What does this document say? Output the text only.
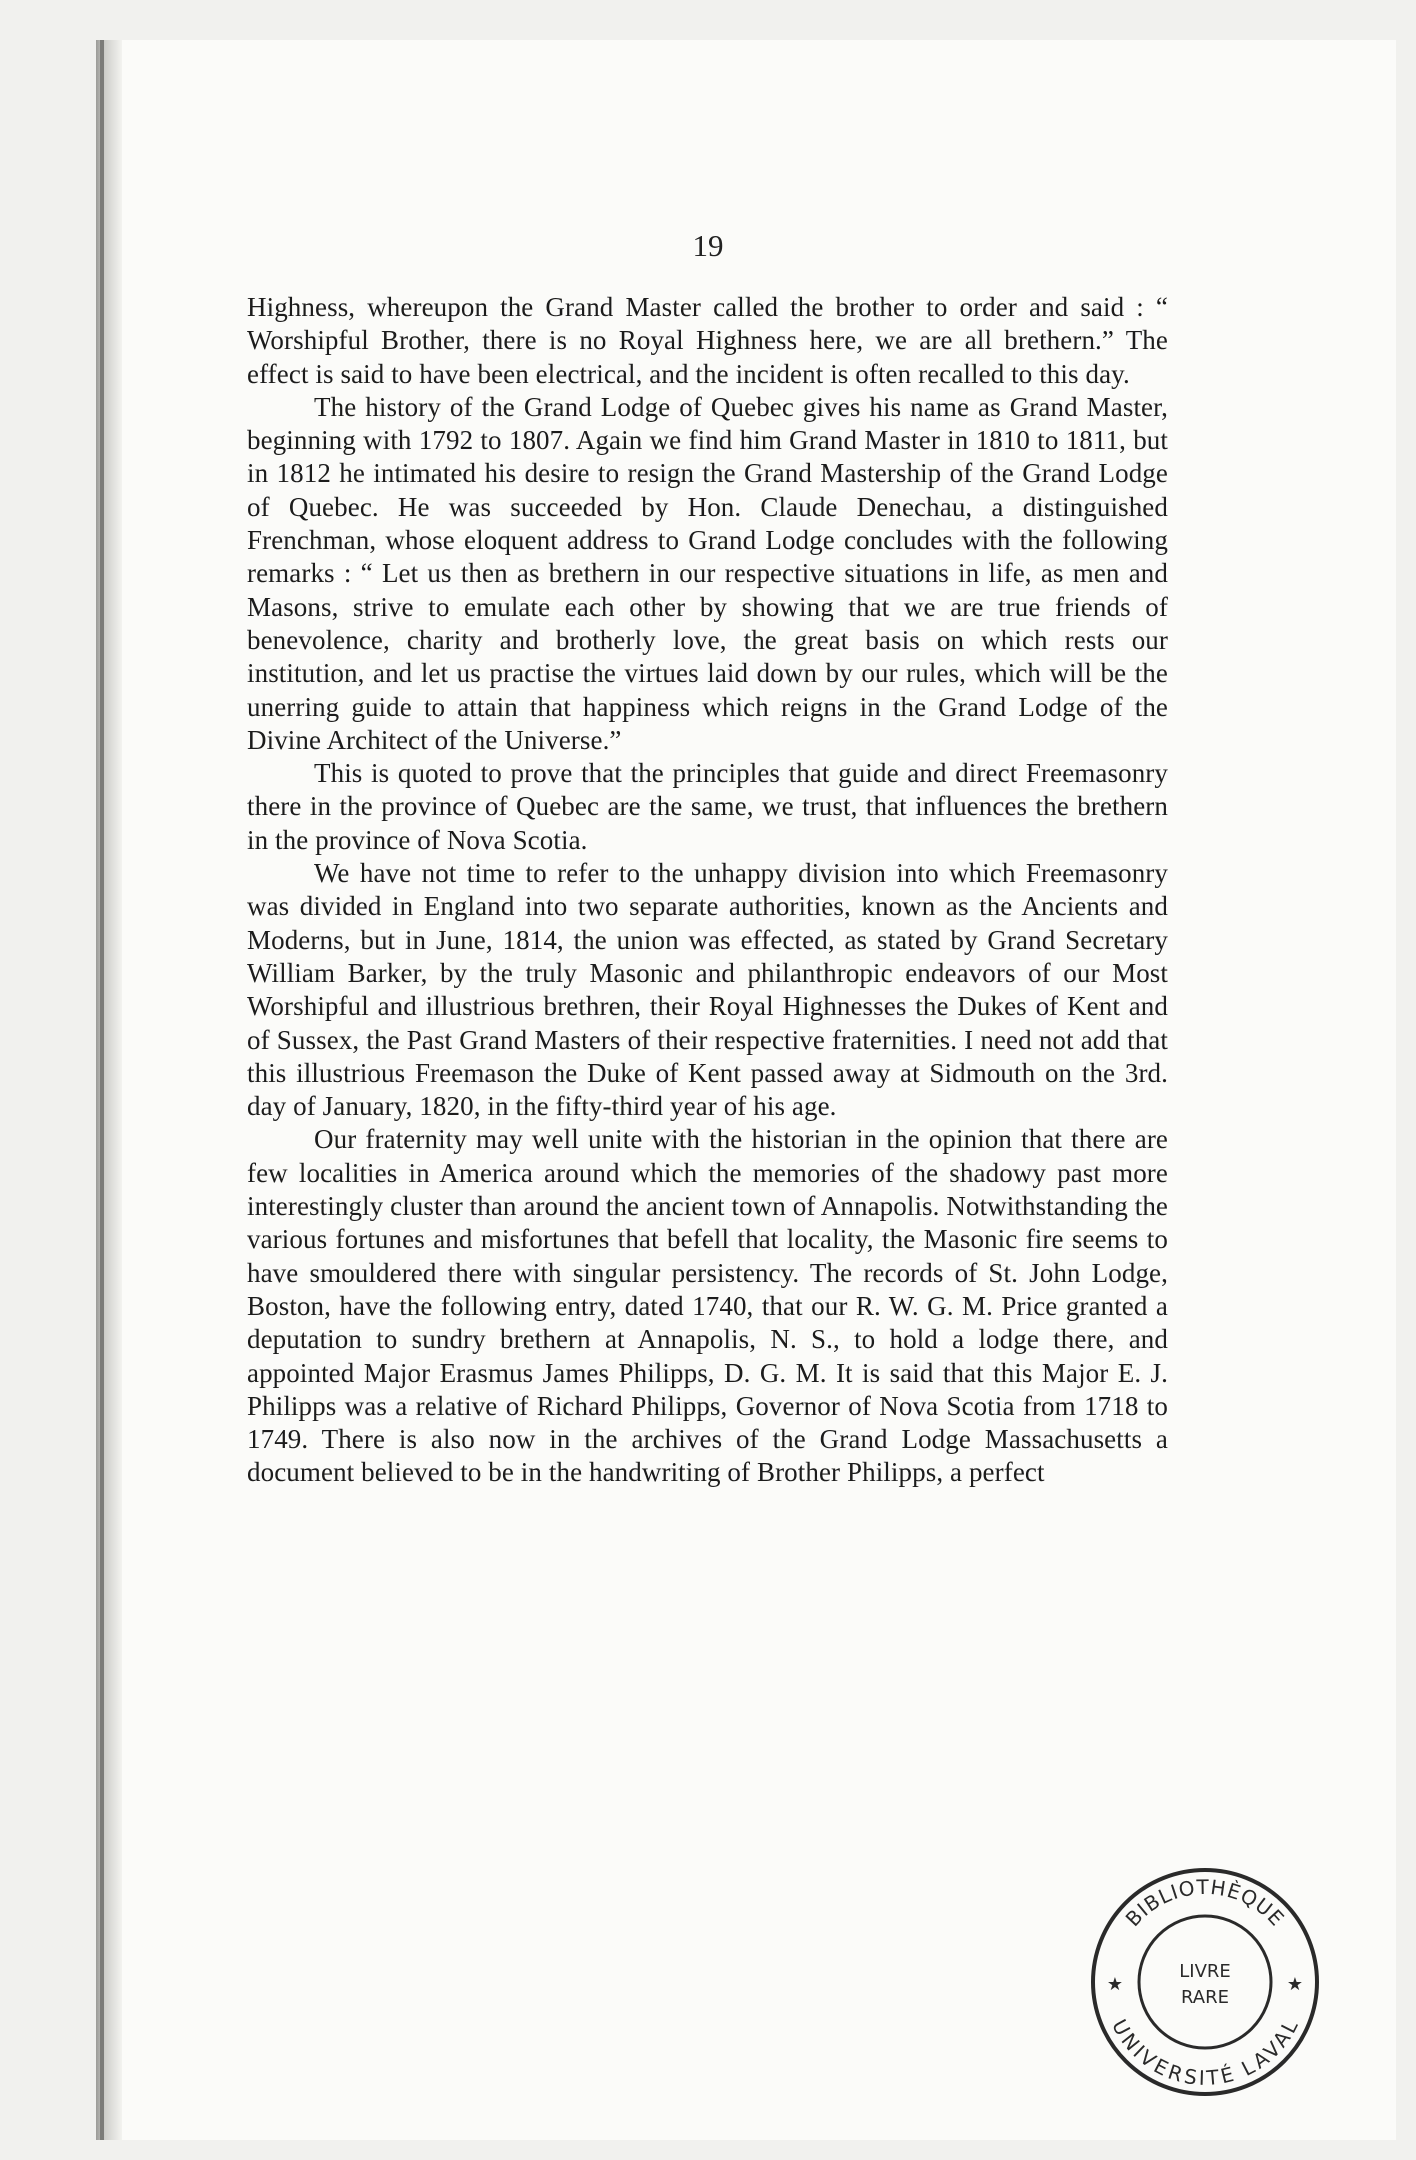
19

Highness, whereupon the Grand Master called the brother to order and said : “ Worshipful Brother, there is no Royal Highness here, we are all brethern.” The effect is said to have been electrical, and the incident is often recalled to this day.

The history of the Grand Lodge of Quebec gives his name as Grand Master, beginning with 1792 to 1807. Again we find him Grand Master in 1810 to 1811, but in 1812 he intimated his desire to resign the Grand Mastership of the Grand Lodge of Quebec. He was succeeded by Hon. Claude Denechau, a distinguished Frenchman, whose eloquent address to Grand Lodge concludes with the following remarks : “ Let us then as brethern in our respective situations in life, as men and Masons, strive to emulate each other by showing that we are true friends of benevolence, charity and brotherly love, the great basis on which rests our institution, and let us practise the virtues laid down by our rules, which will be the unerring guide to attain that happiness which reigns in the Grand Lodge of the Divine Architect of the Universe.”

This is quoted to prove that the principles that guide and direct Freemasonry there in the province of Quebec are the same, we trust, that influences the brethern in the province of Nova Scotia.

We have not time to refer to the unhappy division into which Freemasonry was divided in England into two separate authorities, known as the Ancients and Moderns, but in June, 1814, the union was effected, as stated by Grand Secretary William Barker, by the truly Masonic and philanthropic endeavors of our Most Worshipful and illustrious brethren, their Royal Highnesses the Dukes of Kent and of Sussex, the Past Grand Masters of their respective fraternities. I need not add that this illustrious Freemason the Duke of Kent passed away at Sidmouth on the 3rd. day of January, 1820, in the fifty-third year of his age.

Our fraternity may well unite with the historian in the opinion that there are few localities in America around which the memories of the shadowy past more interestingly cluster than around the ancient town of Annapolis. Notwithstanding the various fortunes and misfortunes that befell that locality, the Masonic fire seems to have smouldered there with singular persistency. The records of St. John Lodge, Boston, have the following entry, dated 1740, that our R. W. G. M. Price granted a deputation to sundry brethern at Annapolis, N. S., to hold a lodge there, and appointed Major Erasmus James Philipps, D. G. M. It is said that this Major E. J. Philipps was a relative of Richard Philipps, Governor of Nova Scotia from 1718 to 1749. There is also now in the archives of the Grand Lodge Massachusetts a document believed to be in the handwriting of Brother Philipps, a perfect

BIBLIOTHÈQUE
UNIVERSITÉ LAVAL
LIVRE
RARE
★	★
